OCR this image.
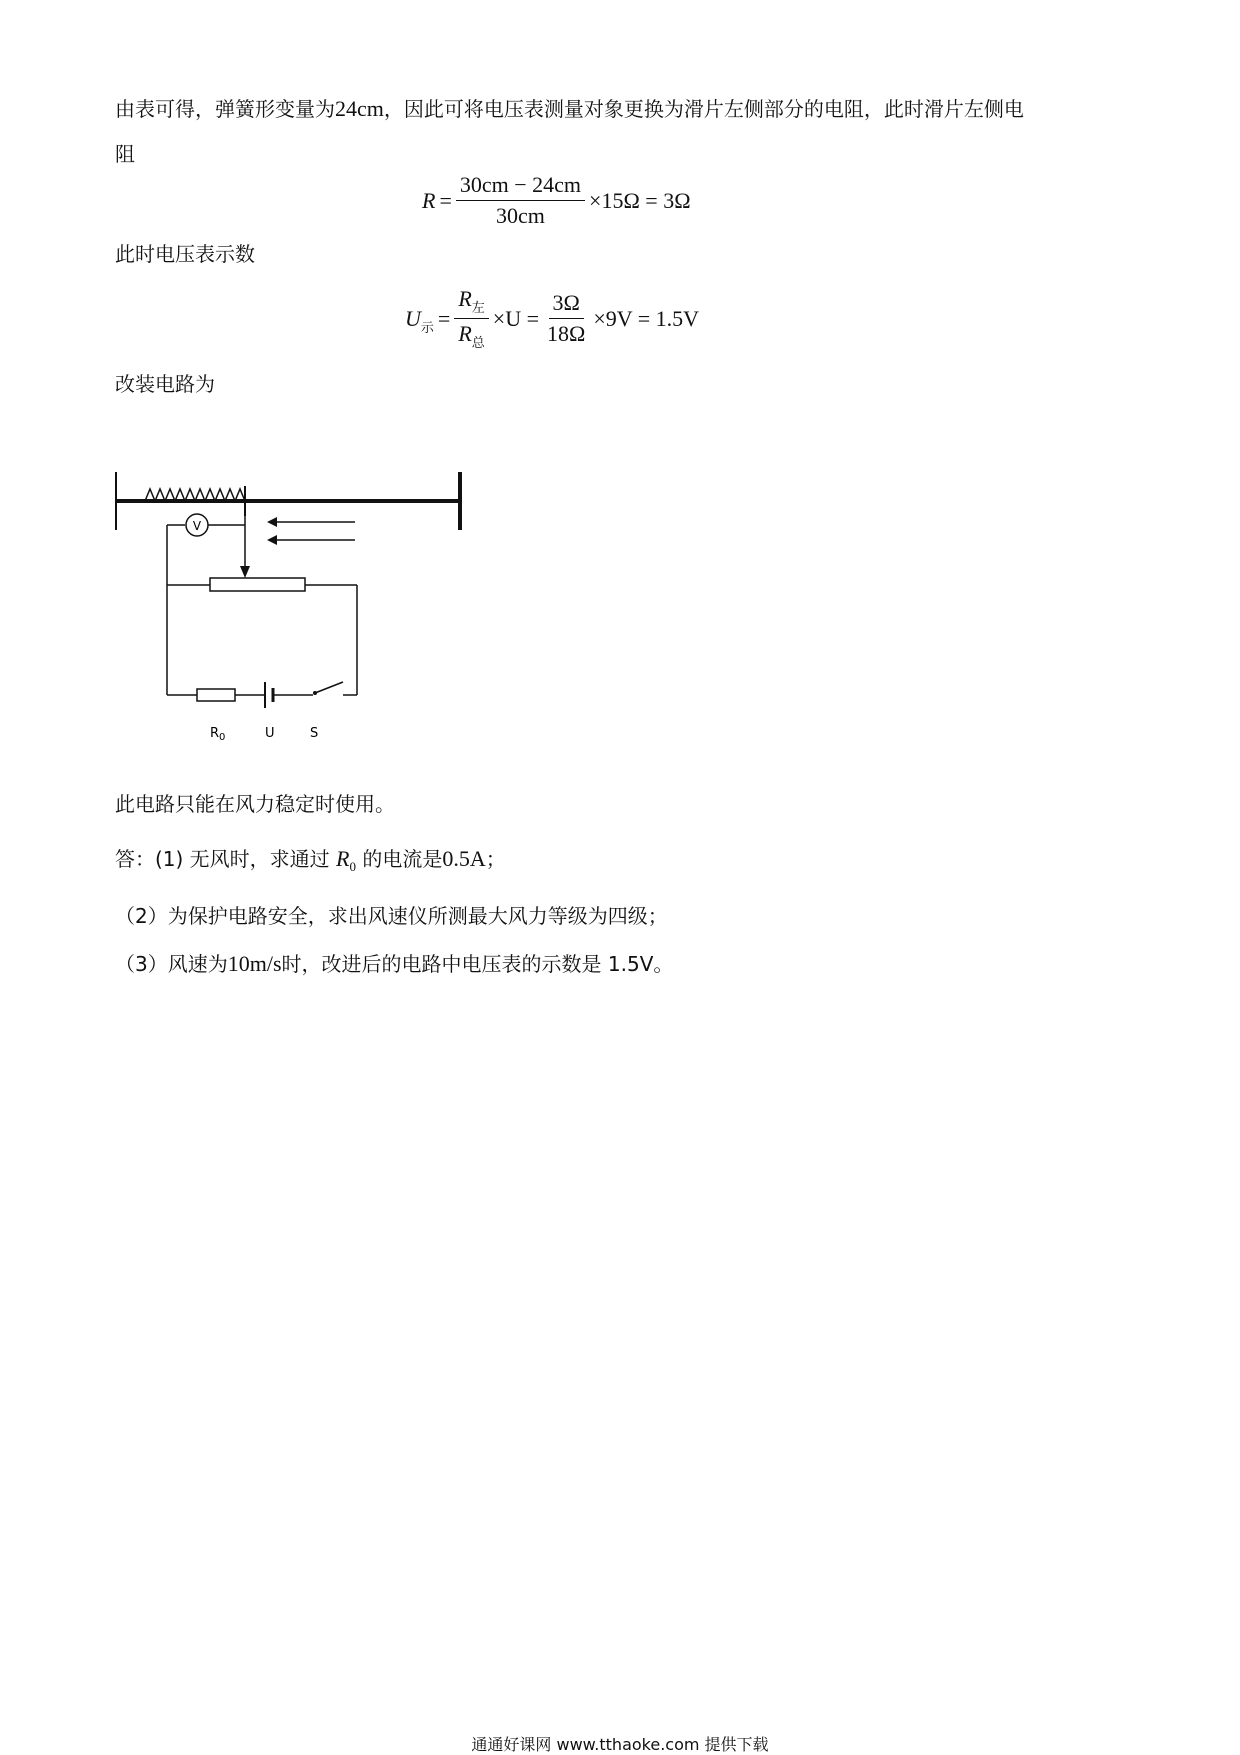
由表可得，弹簧形变量为24cm，因此可将电压表测量对象更换为滑片左侧部分的电阻，此时滑片左侧电
阻
$R = \frac{30cm - 24cm}{30cm} \times 15\Omega = 3\Omega$
此时电压表示数
$U_示 = \frac{R_左}{R_总} \times U = \frac{3\Omega}{18\Omega} \times 9V = 1.5V$
改装电路为
V
$R_0$	U	S
此电路只能在风力稳定时使用。
答：(1) 无风时，求通过 $R_0$ 的电流是0.5A；
（2）为保护电路安全，求出风速仪所测最大风力等级为四级；
（3）风速为10m/s时，改进后的电路中电压表的示数是 1.5V。
通通好课网 www.tthaoke.com 提供下载
